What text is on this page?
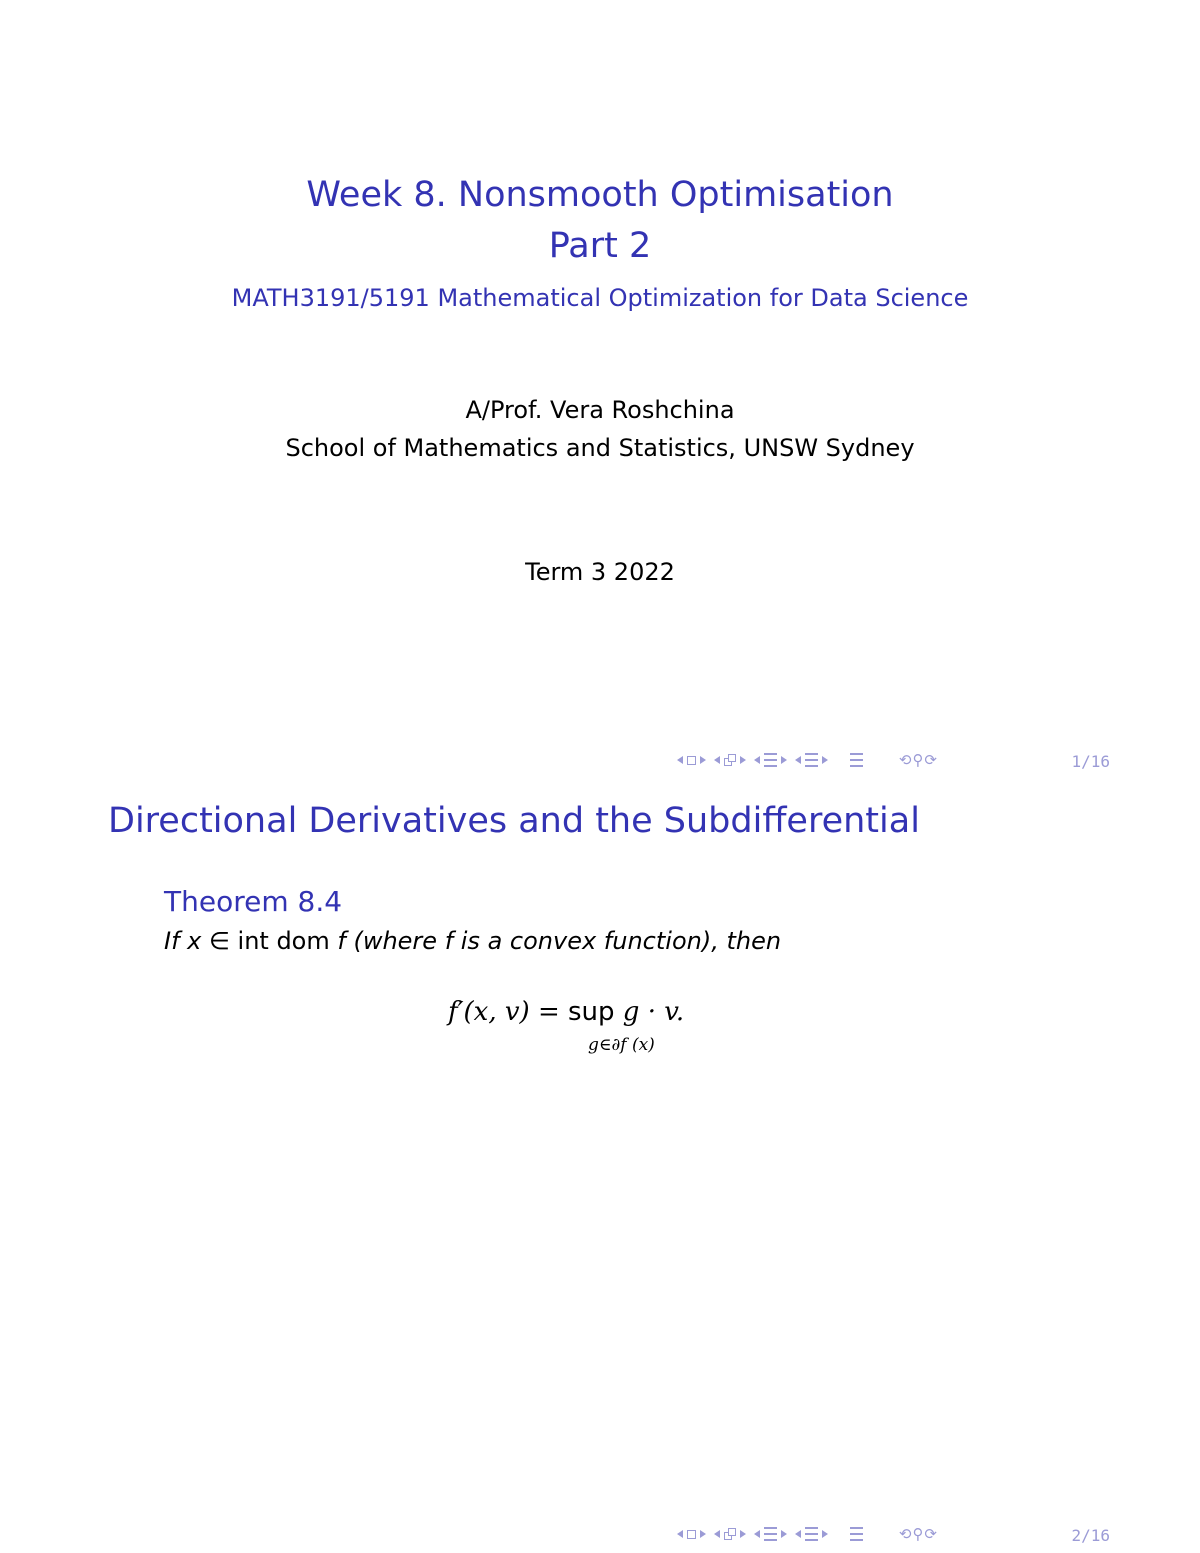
Week 8. Nonsmooth Optimisation
Part 2
MATH3191/5191 Mathematical Optimization for Data Science
A/Prof. Vera Roshchina
School of Mathematics and Statistics, UNSW Sydney
Term 3 2022
⟲⚲⟳	1/16
Directional Derivatives and the Subdifferential
Theorem 8.4
If x ∈ int dom f (where f is a convex function), then
f′(x, v) = sup g · v.
g∈∂f (x)
⟲⚲⟳	2/16
